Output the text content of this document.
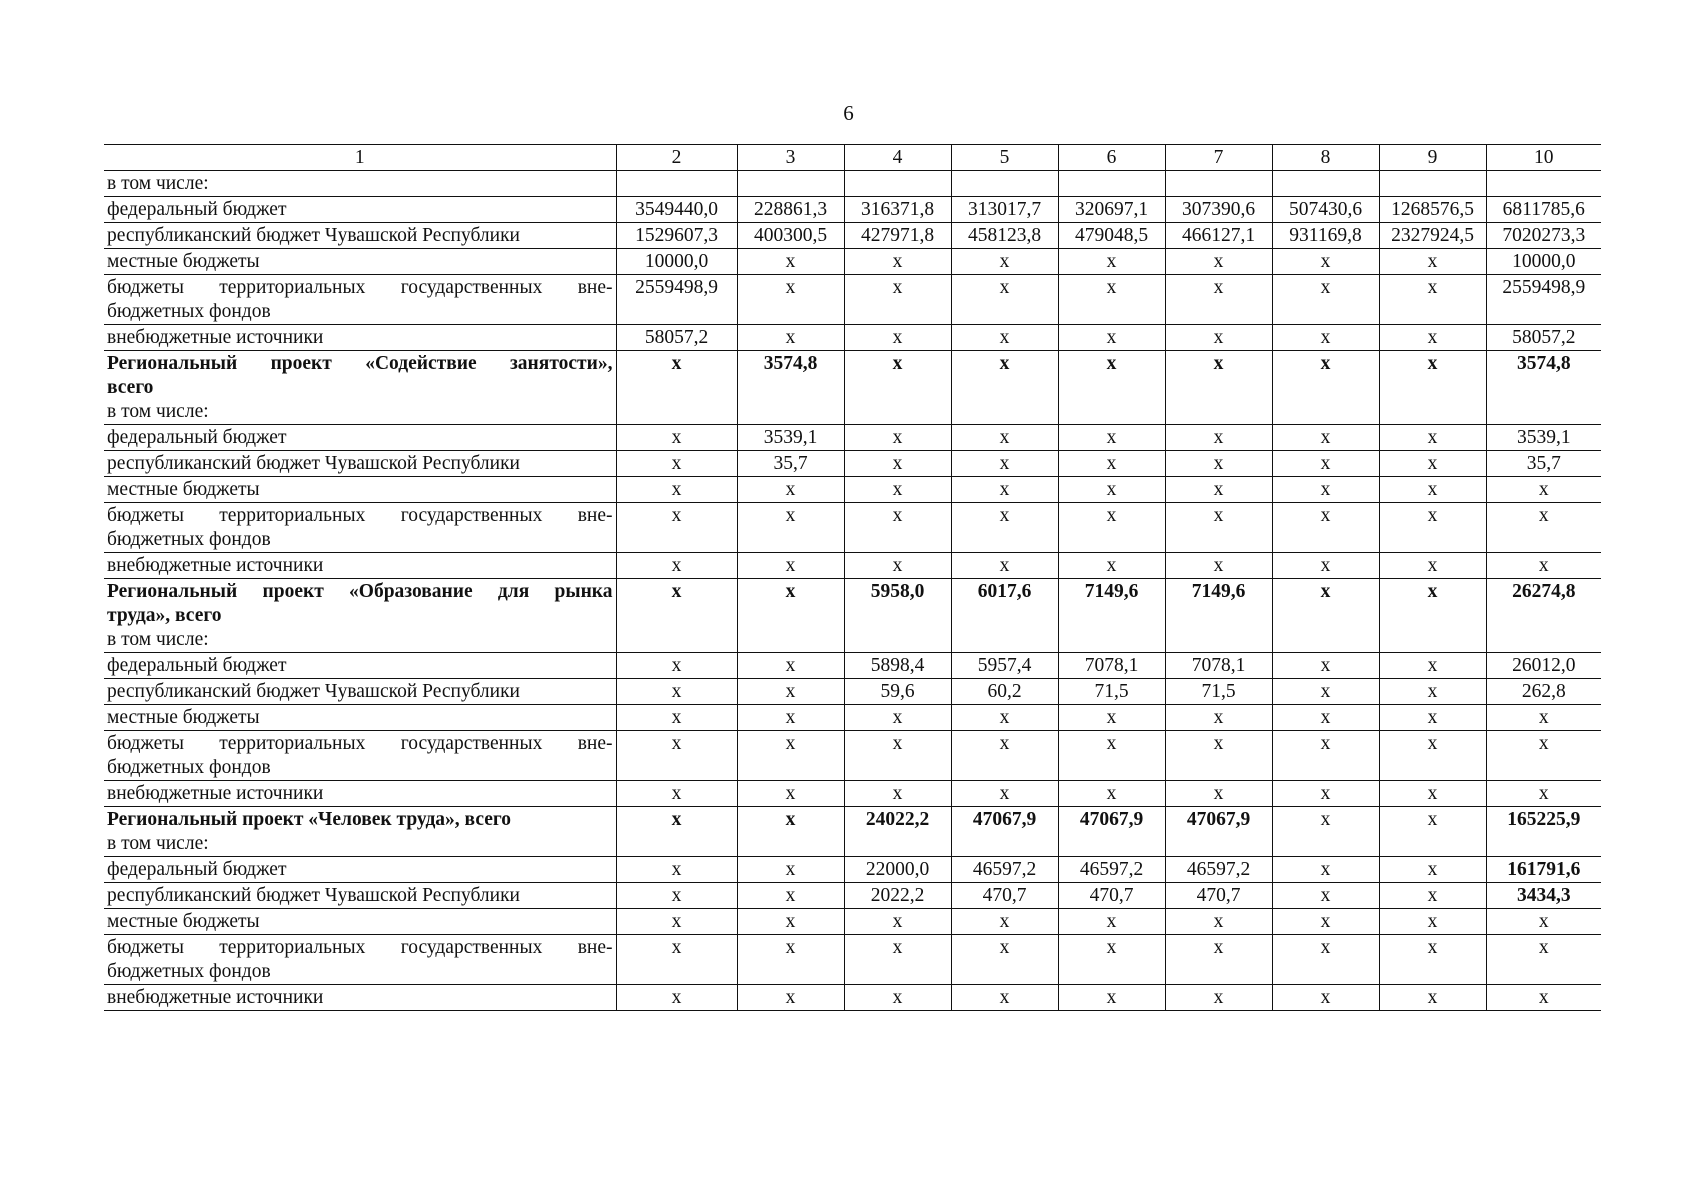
6
1	2	3	4	5	6	7	8	9	10
в том числе:									
федеральный бюджет	3549440,0	228861,3	316371,8	313017,7	320697,1	307390,6	507430,6	1268576,5	6811785,6
республиканский бюджет Чувашской Республики	1529607,3	400300,5	427971,8	458123,8	479048,5	466127,1	931169,8	2327924,5	7020273,3
местные бюджеты	10000,0	х	х	х	х	х	х	х	10000,0

бюджеты территориальных государственных вне-
бюджетных фондов	2559498,9	х	х	х	х	х	х	х	2559498,9
внебюджетные источники	58057,2	х	х	х	х	х	х	х	58057,2

Региональный проект «Содействие занятости»,
всего
в том числе:	х	3574,8	х	х	х	х	х	х	3574,8
федеральный бюджет	х	3539,1	х	х	х	х	х	х	3539,1
республиканский бюджет Чувашской Республики	х	35,7	х	х	х	х	х	х	35,7
местные бюджеты	х	х	х	х	х	х	х	х	х

бюджеты территориальных государственных вне-
бюджетных фондов	х	х	х	х	х	х	х	х	х
внебюджетные источники	х	х	х	х	х	х	х	х	х

Региональный проект «Образование для рынка
труда», всего
в том числе:	х	х	5958,0	6017,6	7149,6	7149,6	х	х	26274,8
федеральный бюджет	х	х	5898,4	5957,4	7078,1	7078,1	х	х	26012,0
республиканский бюджет Чувашской Республики	х	х	59,6	60,2	71,5	71,5	х	х	262,8
местные бюджеты	х	х	х	х	х	х	х	х	х

бюджеты территориальных государственных вне-
бюджетных фондов	х	х	х	х	х	х	х	х	х
внебюджетные источники	х	х	х	х	х	х	х	х	х

Региональный проект «Человек труда», всего
в том числе:	х	х	24022,2	47067,9	47067,9	47067,9	х	х	165225,9
федеральный бюджет	х	х	22000,0	46597,2	46597,2	46597,2	х	х	161791,6
республиканский бюджет Чувашской Республики	х	х	2022,2	470,7	470,7	470,7	х	х	3434,3
местные бюджеты	х	х	х	х	х	х	х	х	х

бюджеты территориальных государственных вне-
бюджетных фондов	х	х	х	х	х	х	х	х	х
внебюджетные источники	х	х	х	х	х	х	х	х	х
